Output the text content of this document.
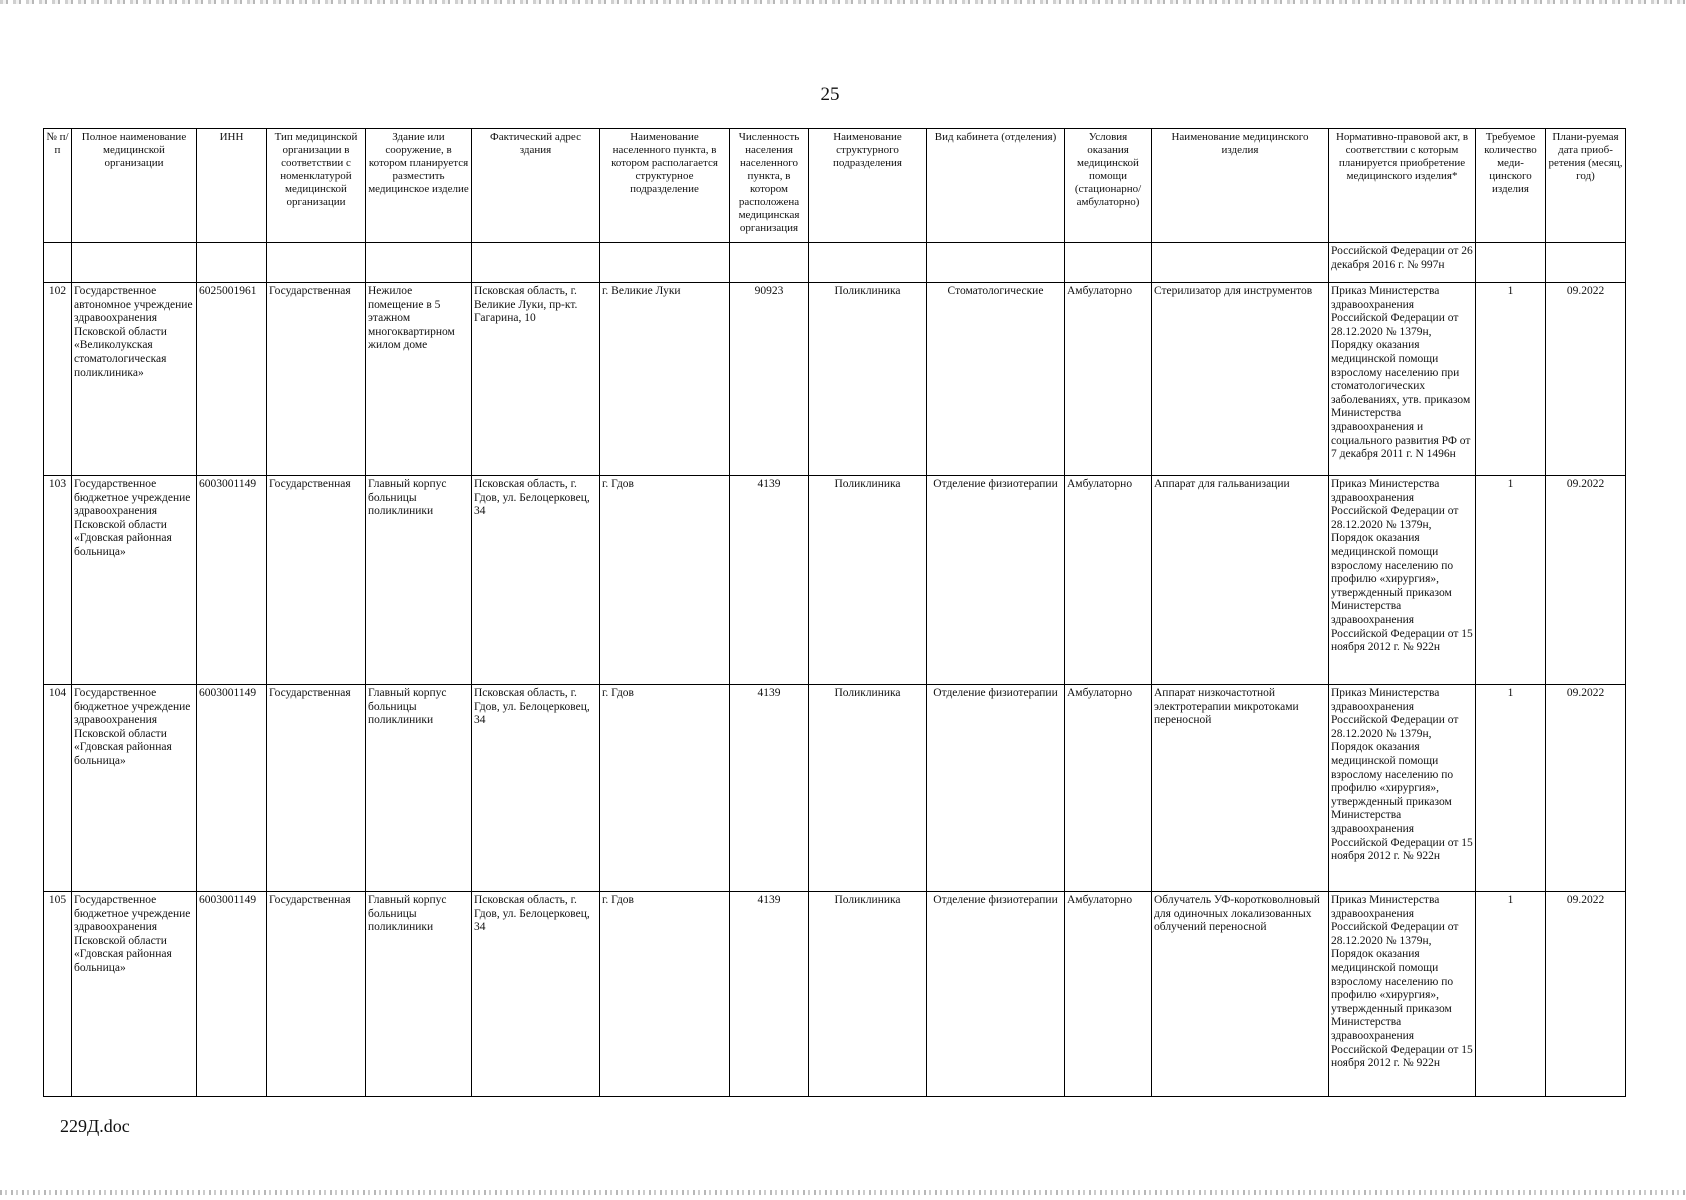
25
№ п/п	Полное наименование медицинской организации	ИНН	Тип медицинской организации в соответствии с номенклатурой медицинской организации	Здание или сооружение, в котором планируется разместить медицинское изделие	Фактический адрес здания	Наименование населенного пункта, в котором располагается структурное подразделение	Численность населения населенного пункта, в котором расположена медицинская организация	Наименование структурного подразделения	Вид кабинета (отделения)	Условия оказания медицинской помощи (стационарно/ амбулаторно)	Наименование медицинского изделия	Нормативно-правовой акт, в соответствии с которым планируется приобретение медицинского изделия*	Требуемое количество меди-цинского изделия	Плани-руемая дата приоб-ретения (месяц, год)
												Российской Федерации от 26 декабря 2016 г. № 997н		
102	Государственное автономное учреждение здравоохранения Псковской области «Великолукская стоматологическая поликлиника»	6025001961	Государственная	Нежилое помещение в 5 этажном многоквартирном жилом доме	Псковская область, г. Великие Луки, пр-кт. Гагарина, 10	г. Великие Луки	90923	Поликлиника	Стоматологические	Амбулаторно	Стерилизатор для инструментов	Приказ Министерства здравоохранения Российской Федерации от 28.12.2020 № 1379н, Порядку оказания медицинской помощи взрослому населению при стоматологических заболеваниях, утв. приказом Министерства здравоохранения и социального развития РФ от 7 декабря 2011 г. N 1496н	1	09.2022
103	Государственное бюджетное учреждение здравоохранения Псковской области «Гдовская районная больница»	6003001149	Государственная	Главный корпус больницы поликлиники	Псковская область, г. Гдов, ул. Белоцерковец, 34	г. Гдов	4139	Поликлиника	Отделение физиотерапии	Амбулаторно	Аппарат для гальванизации	Приказ Министерства здравоохранения Российской Федерации от 28.12.2020 № 1379н, Порядок оказания медицинской помощи взрослому населению по профилю «хирургия», утвержденный приказом Министерства здравоохранения Российской Федерации от 15 ноября 2012 г. № 922н	1	09.2022
104	Государственное бюджетное учреждение здравоохранения Псковской области «Гдовская районная больница»	6003001149	Государственная	Главный корпус больницы поликлиники	Псковская область, г. Гдов, ул. Белоцерковец, 34	г. Гдов	4139	Поликлиника	Отделение физиотерапии	Амбулаторно	Аппарат низкочастотной электротерапии микротоками переносной	Приказ Министерства здравоохранения Российской Федерации от 28.12.2020 № 1379н, Порядок оказания медицинской помощи взрослому населению по профилю «хирургия», утвержденный приказом Министерства здравоохранения Российской Федерации от 15 ноября 2012 г. № 922н	1	09.2022
105	Государственное бюджетное учреждение здравоохранения Псковской области «Гдовская районная больница»	6003001149	Государственная	Главный корпус больницы поликлиники	Псковская область, г. Гдов, ул. Белоцерковец, 34	г. Гдов	4139	Поликлиника	Отделение физиотерапии	Амбулаторно	Облучатель УФ-коротковолновый для одиночных локализованных облучений переносной	Приказ Министерства здравоохранения Российской Федерации от 28.12.2020 № 1379н, Порядок оказания медицинской помощи взрослому населению по профилю «хирургия», утвержденный приказом Министерства здравоохранения Российской Федерации от 15 ноября 2012 г. № 922н	1	09.2022
229Д.doc
